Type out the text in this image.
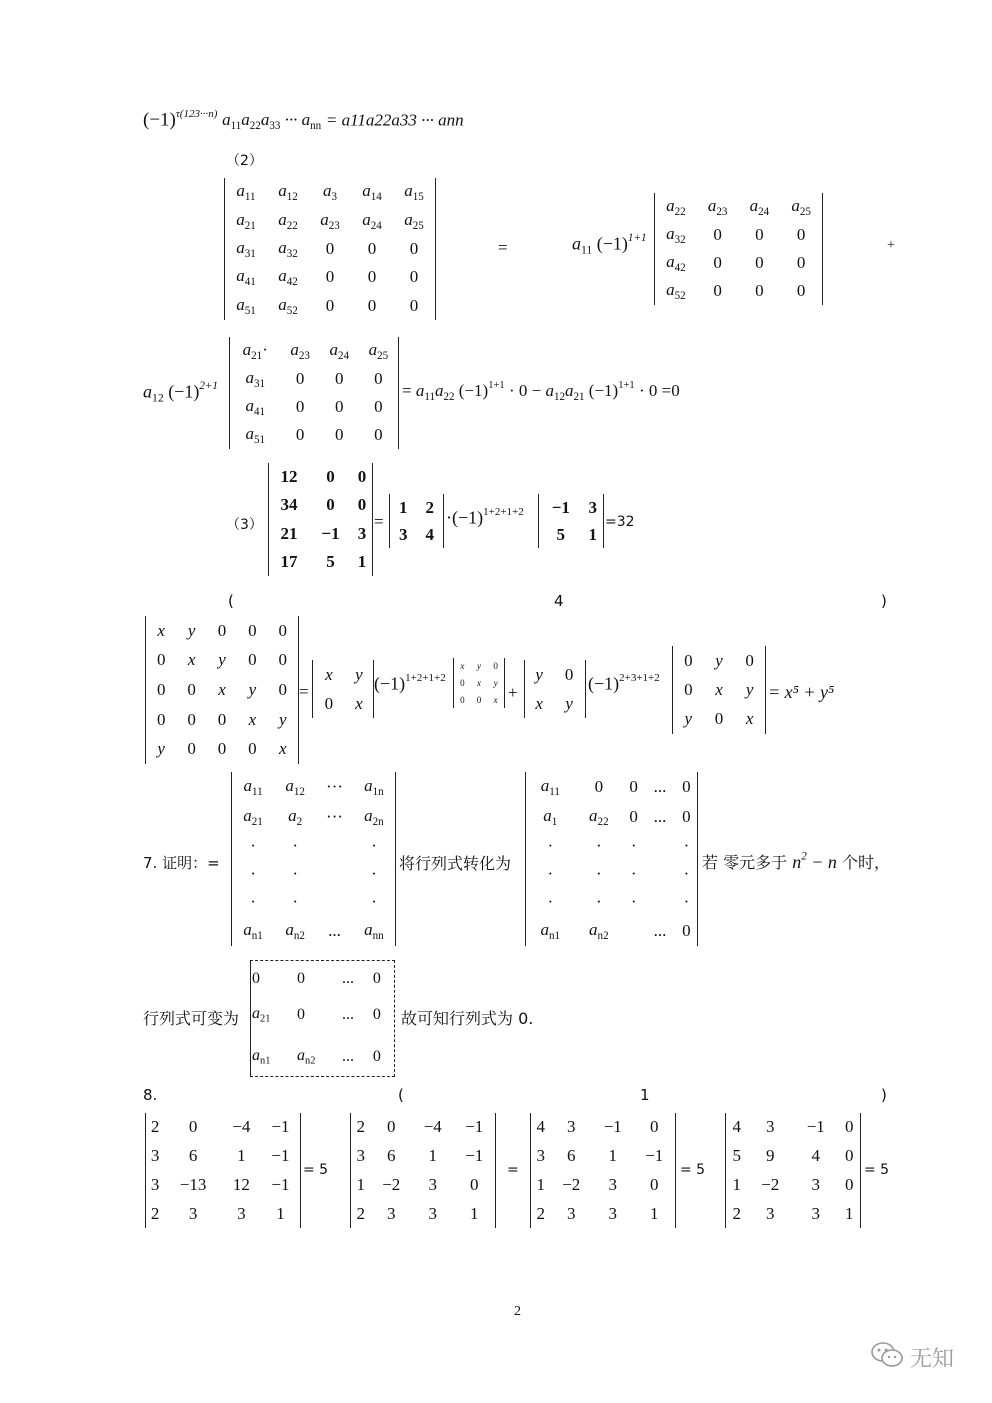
$(-1)^{\tau(123\cdot\cdot\cdot n)}$ $a_{11}a_{22}a_{33}$ ··· $a_{nn} = a11a22a33$ ··· ann
（2）
$a_{11}$	$a_{12}$	$a_3$	$a_{14}$	$a_{15}$
$a_{21}$	$a_{22}$	$a_{23}$	$a_{24}$	$a_{25}$
$a_{31}$	$a_{32}$	0	0	0
$a_{41}$	$a_{42}$	0	0	0
$a_{51}$	$a_{52}$	0	0	0
=	$a_{11}$ $(-1)^{1+1}$
$a_{22}$	$a_{23}$	$a_{24}$	$a_{25}$
$a_{32}$	0	0	0
$a_{42}$	0	0	0
$a_{52}$	0	0	0
+
$a_{12}$ $(-1)^{2+1}$
$a_{21}\cdot$	$a_{23}$	$a_{24}$	$a_{25}$
$a_{31}$	0	0	0
$a_{41}$	0	0	0
$a_{51}$	0	0	0
= $a_{11}a_{22}$ $(-1)^{1+1} \cdot 0 - a_{12}a_{21}$ $(-1)^{1+1} \cdot 0 =0$
（3）
12	0	0
34	0	0
21	−1	3
17	5	1
=
1	2
3	4
$\cdot(-1)^{1+2+1+2} -1$	3
5	1
=32
(	4	)
x	y	0	0	0
0	x	y	0	0
0	0	x	y	0
0	0	0	x	y
y	0	0	0	x
=
x	y
0	x
$(-1)^{1+2+1+2}$
x	y	0
0	x	y
0	0	x +
y	0
x	y
$(-1)^{2+3+1+2}$
0	y	0
0	x	y
y	0	x
= x⁵ + y⁵
7. 证明：=
$a_{11}$	$a_{12}$	···	$a_{1n}$
$a_{21}$	$a_2$	···	$a_{2n}$
·	·		·
·	·		·
·	·		·
$a_{n1}$	$a_{n2}$	...	$a_{nn}$
将行列式转化为
$a_{11}$	0	0	...	0
$a_1$	$a_{22}$	0	...	0
·	·	·		·
·	·	·		·
·	·	·		·
$a_{n1}$	$a_{n2}$		...	0
若 零元多于 $n^2 - n$ 个时，
行列式可变为
0	0	...	0
$a_{21}$	0	...	0

$a_{n1}$	$a_{n2}$	...	0
故可知行列式为 0.
8.	(	1	)
2	0	−4	−1
3	6	1	−1
3	−13	12	−1
2	3	3	1
= 5
2	0	−4	−1
3	6	1	−1
1	−2	3	0
2	3	3	1
=
4	3	−1	0
3	6	1	−1
1	−2	3	0
2	3	3	1
= 5
4	3	−1	0
5	9	4	0
1	−2	3	0
2	3	3	1
= 5
2
无知
